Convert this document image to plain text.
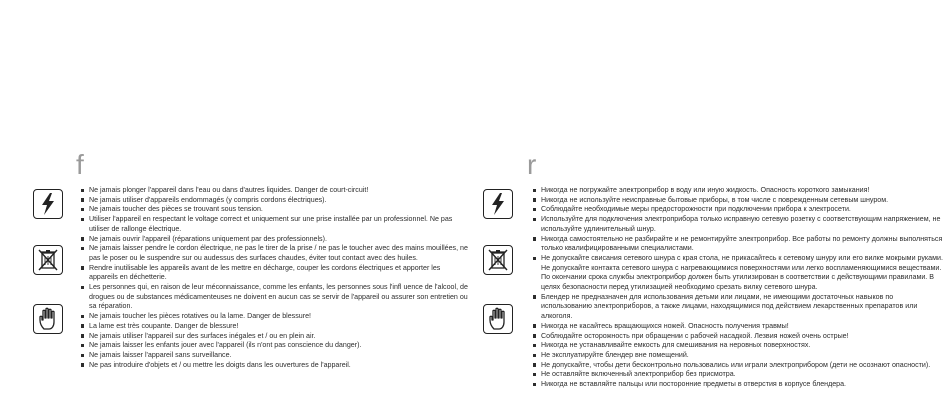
f
Ne jamais plonger l'appareil dans l'eau ou dans d'autres liquides. Danger de court-circuit!
Ne jamais utiliser d'appareils endommagés (y compris cordons électriques).
Ne jamais toucher des pièces se trouvant sous tension.
Utiliser l'appareil en respectant le voltage correct et uniquement sur une prise installée par un professionnel. Ne pas utiliser de rallonge électrique.
Ne jamais ouvrir l'appareil (réparations uniquement par des professionnels).
Ne jamais laisser pendre le cordon électrique, ne pas le tirer de la prise / ne pas le toucher avec des mains mouillées, ne pas le poser ou le suspendre sur ou audessus des surfaces chaudes, éviter tout contact avec des huiles.
Rendre inutilisable les appareils avant de les mettre en décharge, couper les cordons électriques et apporter les appareils en déchetterie.
Les personnes qui, en raison de leur méconnaissance, comme les enfants, les personnes sous l'infl uence de l'alcool, de drogues ou de substances médicamenteuses ne doivent en aucun cas se servir de l'appareil ou assurer son entretien ou sa réparation.
Ne jamais toucher les pièces rotatives ou la lame. Danger de blessure!
La lame est très coupante. Danger de blessure!
Ne jamais utiliser l'appareil sur des surfaces inégales et / ou en plein air.
Ne jamais laisser les enfants jouer avec l'appareil (ils n'ont pas conscience du danger).
Ne jamais laisser l'appareil sans surveillance.
Ne pas introduire d'objets et / ou mettre les doigts dans les ouvertures de l'appareil.
r
Никогда не погружайте электроприбор в воду или иную жидкость. Опасность короткого замыкания!
Никогда не используйте неисправные бытовые приборы, в том числе с поврежденным сетевым шнуром.
Соблюдайте необходимые меры предосторожности при подключении прибора к электросети.
Используйте для подключения электроприбора только исправную сетевую розетку с соответствующим напряжением, не используйте удлинительный шнур.
Никогда самостоятельно не разбирайте и не ремонтируйте электроприбор. Все работы по ремонту должны выполняться только квалифицированными специалистами.
Не допускайте свисания сетевого шнура с края стола, не прикасайтесь к сетевому шнуру или его вилке мокрыми руками. Не допускайте контакта сетевого шнура с нагревающимися поверхностями или легко воспламеняющимися веществами. По окончании срока службы электроприбор должен быть утилизирован в соответствии с действующими правилами. В целях безопасности перед утилизацией необходимо срезать вилку сетевого шнура.
Блендер не предназначен для использования детьми или лицами, не имеющими достаточных навыков по использованию электроприборов, а также лицами, находящимися под действием лекарственных препаратов или алкоголя.
Никогда не касайтесь вращающихся ножей. Опасность получения травмы!
Соблюдайте осторожность при обращении с рабочей насадкой. Лезвия ножей очень острые!
Никогда не устанавливайте емкость для смешивания на неровных поверхностях.
Не эксплуатируйте блендер вне помещений.
Не допускайте, чтобы дети бесконтрольно пользовались или играли электроприбором (дети не осознают опасности).
Не оставляйте включенный электроприбор без присмотра.
Никогда не вставляйте пальцы или посторонние предметы в отверстия в корпусе блендера.
